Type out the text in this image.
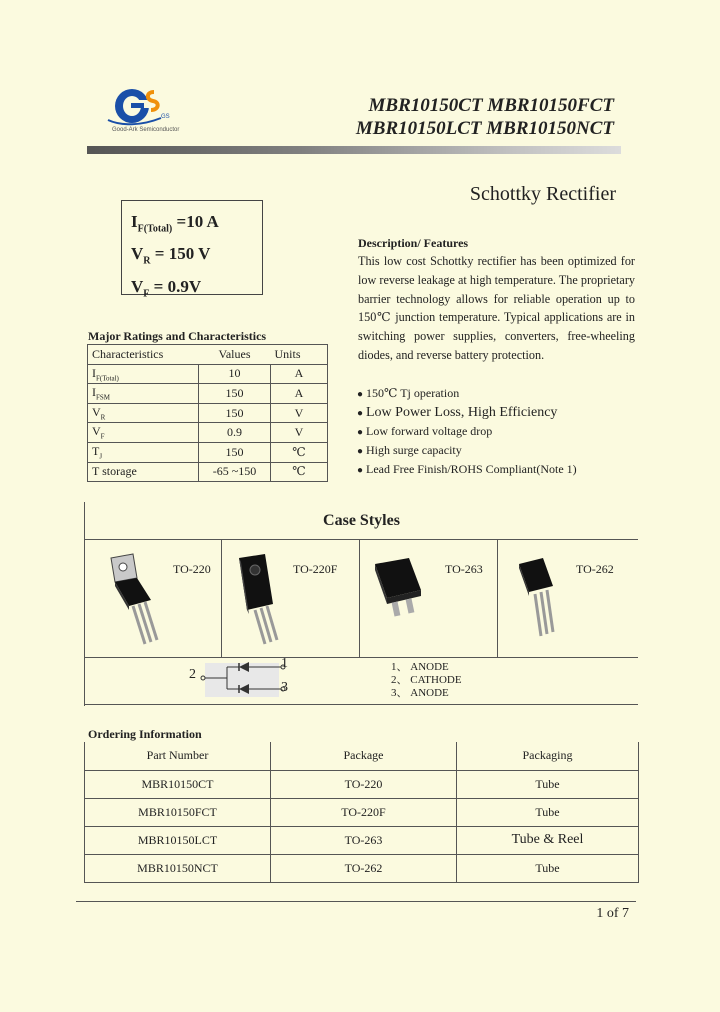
GS
Good-Ark Semiconductor
MBR10150CT MBR10150FCT
MBR10150LCT MBR10150NCT
Schottky Rectifier
$I_{F(Total)} =10$ A
$V_R = 150$ V
$V_F = 0.9V$
Major Ratings and Characteristics
Characteristics	Values	Units
$I_{F(Total)}$	10	A
$I_{FSM}$	150	A
$V_R$	150	V
$V_F$	0.9	V
$T_J$	150	℃
T storage	-65 ~150	℃
Description/ Features
This low cost Schottky rectifier has been optimized for low reverse leakage at high temperature. The proprietary barrier technology allows for reliable operation up to 150℃ junction temperature. Typical applications are in switching power supplies, converters, free-wheeling diodes, and reverse battery protection.
● 150℃ Tj operation
● Low Power Loss, High Efficiency
● Low forward voltage drop
● High surge capacity
● Lead Free Finish/ROHS Compliant(Note 1)
Case Styles
TO-220	TO-220F	TO-263	TO-262
1
2
3
1、 ANODE
2、 CATHODE
3、 ANODE
Ordering Information
Part Number	Package	Packaging
MBR10150CT	TO-220	Tube
MBR10150FCT	TO-220F	Tube
MBR10150LCT	TO-263	Tube & Reel
MBR10150NCT	TO-262	Tube
1 of 7
